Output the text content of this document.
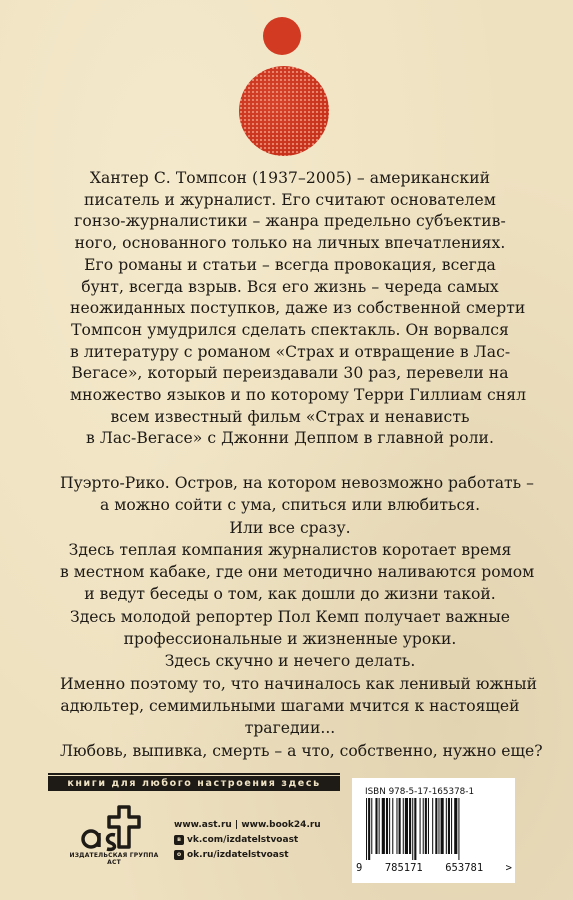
Хантер С. Томпсон (1937–2005) – американский
писатель и журналист. Его считают основателем
гонзо-журналистики – жанра предельно субъектив-
ного, основанного только на личных впечатлениях.
Его романы и статьи – всегда провокация, всегда
бунт, всегда взрыв. Вся его жизнь – череда самых
неожиданных поступков, даже из собственной смерти
Томпсон умудрился сделать спектакль. Он ворвался
в литературу с романом «Страх и отвращение в Лас-
Вегасе», который переиздавали 30 раз, перевели на
множество языков и по которому Терри Гиллиам снял
всем известный фильм «Страх и ненависть
в Лас-Вегасе» с Джонни Деппом в главной роли.
Пуэрто-Рико. Остров, на котором невозможно работать –
а можно сойти с ума, спиться или влюбиться.
Или все сразу.
Здесь теплая компания журналистов коротает время
в местном кабаке, где они методично наливаются ромом
и ведут беседы о том, как дошли до жизни такой.
Здесь молодой репортер Пол Кемп получает важные
профессиональные и жизненные уроки.
Здесь скучно и нечего делать.
Именно поэтому то, что начиналось как ленивый южный
адюльтер, семимильными шагами мчится к настоящей
трагедии...
Любовь, выпивка, смерть – а что, собственно, нужно еще?
книги для любого настроения здесь
ИЗДАТЕЛЬСКАЯ ГРУППА АСТ
www.ast.ru | www.book24.ru
в vk.com/izdatelstvoast
о ok.ru/izdatelstvoast
ISBN 978-5-17-165378-1
9 785171 653781 >
